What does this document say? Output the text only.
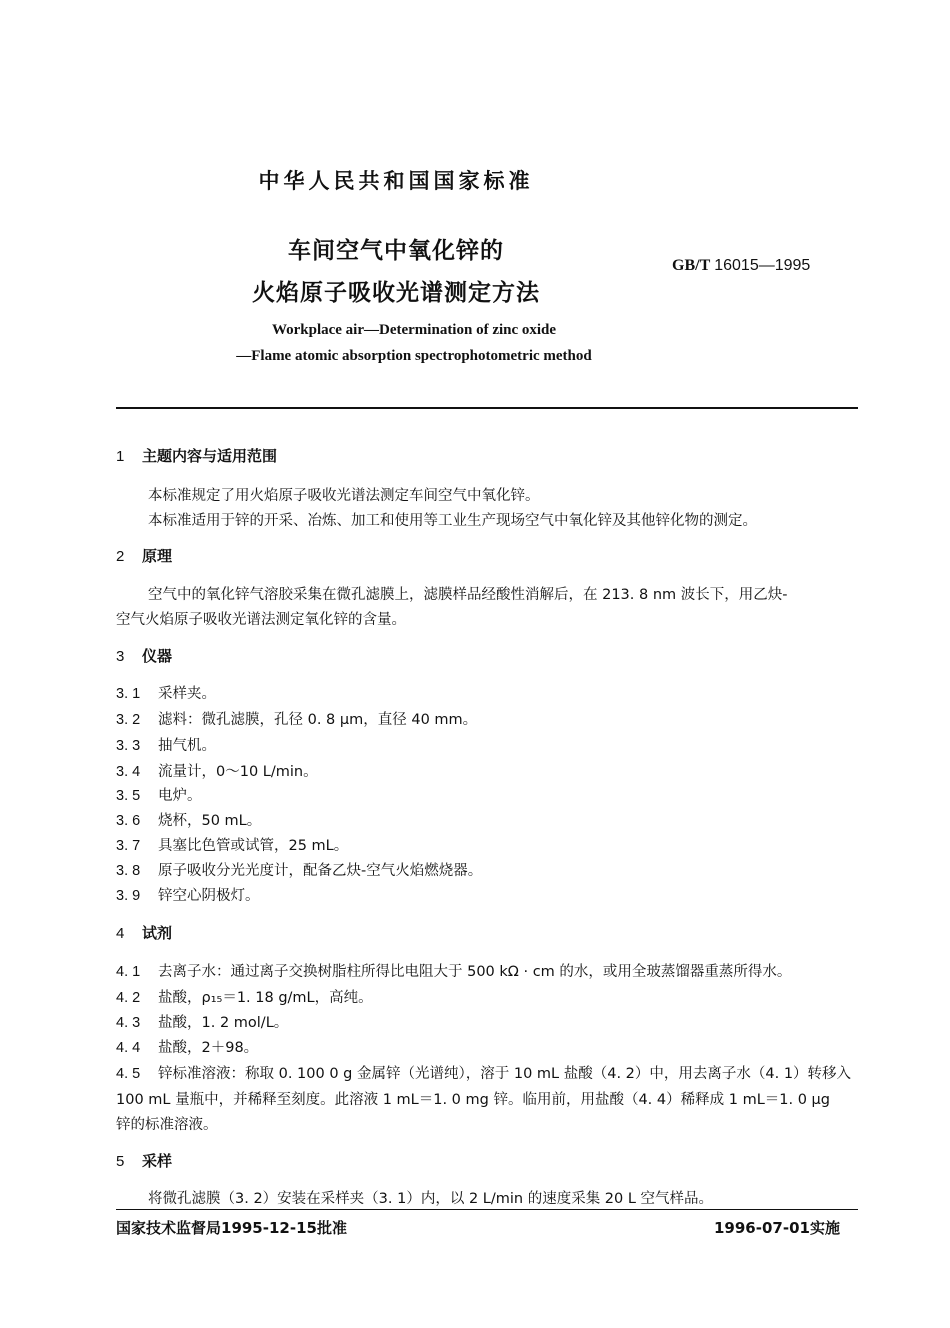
中华人民共和国国家标准
车间空气中氧化锌的
火焰原子吸收光谱测定方法
GB/T 16015—1995
Workplace air—Determination of zinc oxide
—Flame atomic absorption spectrophotometric method
1 主题内容与适用范围
本标准规定了用火焰原子吸收光谱法测定车间空气中氧化锌。
本标准适用于锌的开采、冶炼、加工和使用等工业生产现场空气中氧化锌及其他锌化物的测定。
2 原理
空气中的氧化锌气溶胶采集在微孔滤膜上，滤膜样品经酸性消解后，在 213. 8 nm 波长下，用乙炔-
空气火焰原子吸收光谱法测定氧化锌的含量。
3 仪器
3. 1 采样夹。
3. 2 滤料：微孔滤膜，孔径 0. 8 μm，直径 40 mm。
3. 3 抽气机。
3. 4 流量计，0～10 L/min。
3. 5 电炉。
3. 6 烧杯，50 mL。
3. 7 具塞比色管或试管，25 mL。
3. 8 原子吸收分光光度计，配备乙炔-空气火焰燃烧器。
3. 9 锌空心阴极灯。
4 试剂
4. 1 去离子水：通过离子交换树脂柱所得比电阻大于 500 kΩ · cm 的水，或用全玻蒸馏器重蒸所得水。
4. 2 盐酸，ρ₁₅＝1. 18 g/mL，高纯。
4. 3 盐酸，1. 2 mol/L。
4. 4 盐酸，2＋98。
4. 5 锌标准溶液：称取 0. 100 0 g 金属锌（光谱纯），溶于 10 mL 盐酸（4. 2）中，用去离子水（4. 1）转移入
100 mL 量瓶中，并稀释至刻度。此溶液 1 mL＝1. 0 mg 锌。临用前，用盐酸（4. 4）稀释成 1 mL＝1. 0 μg
锌的标准溶液。
5 采样
将微孔滤膜（3. 2）安装在采样夹（3. 1）内，以 2 L/min 的速度采集 20 L 空气样品。
国家技术监督局1995-12-15批准	1996-07-01实施
